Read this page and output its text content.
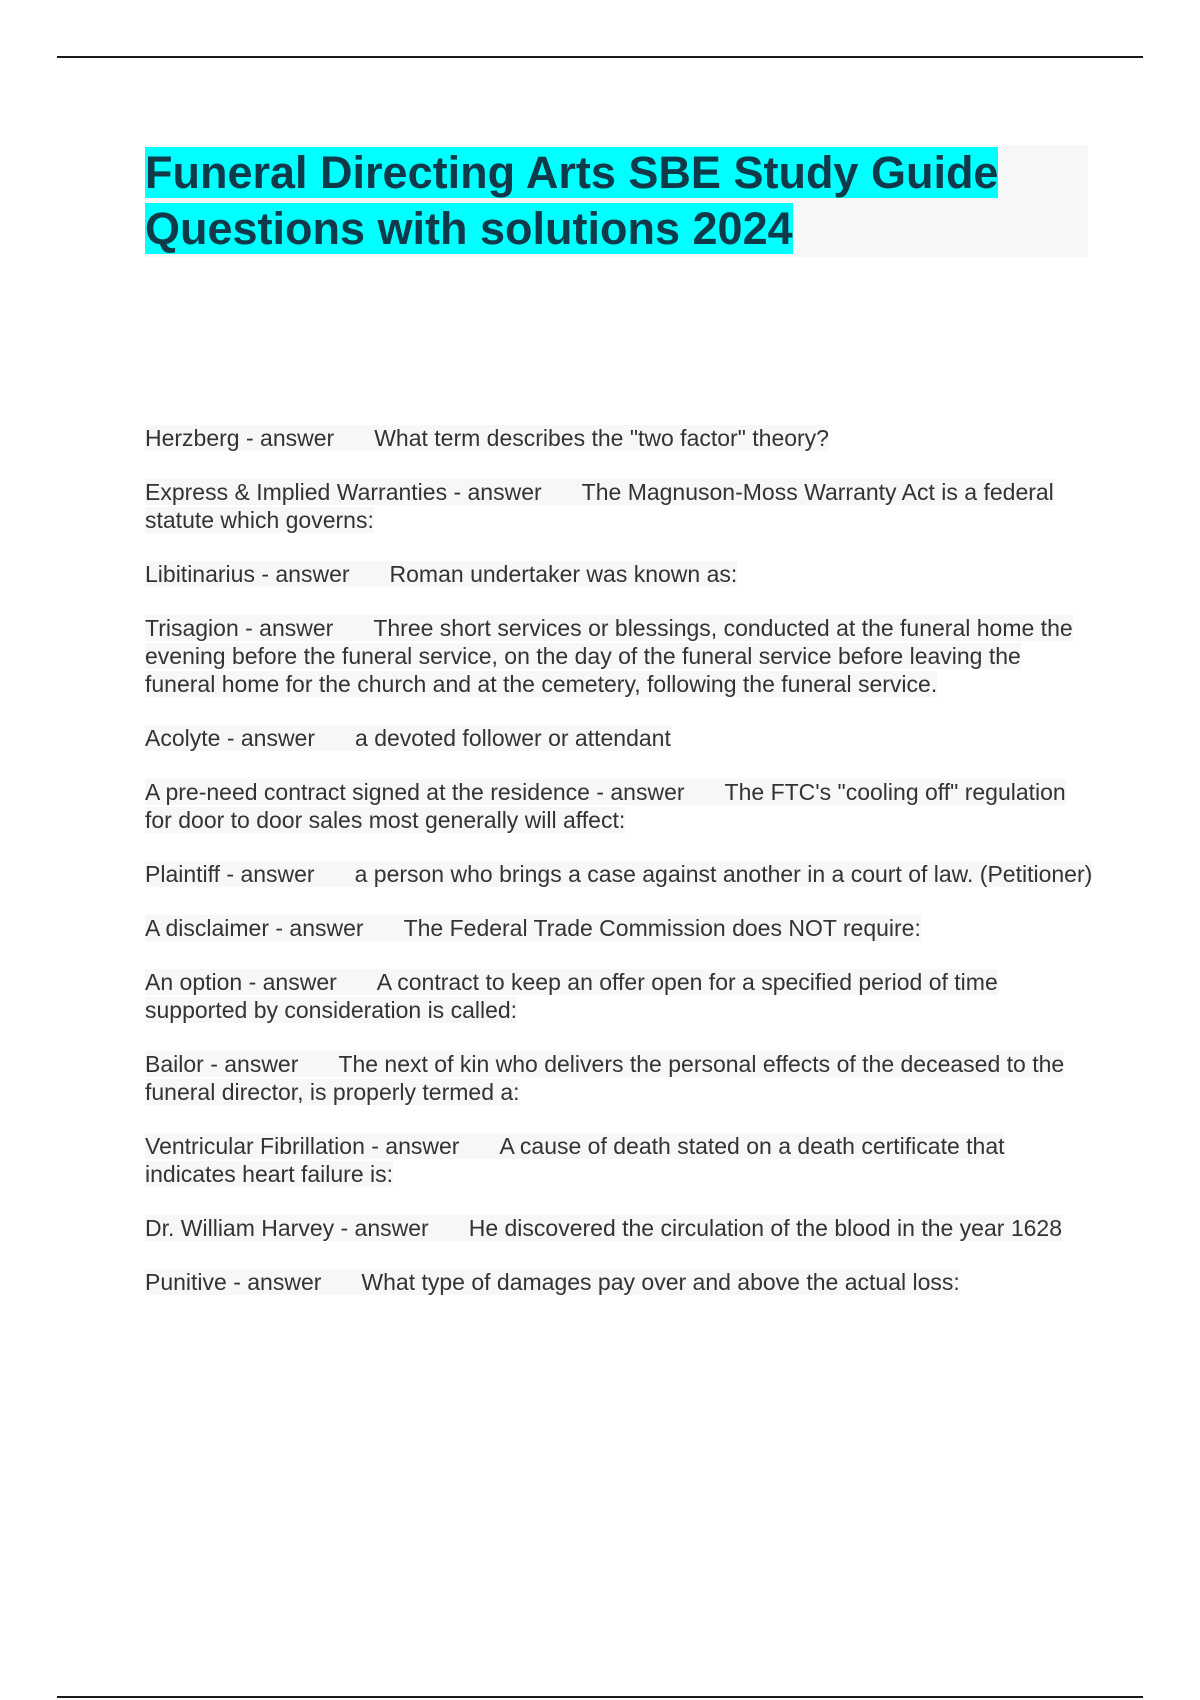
Funeral Directing Arts SBE Study Guide
Questions with solutions 2024

Herzberg - answer What term describes the "two factor" theory?

Express & Implied Warranties - answer The Magnuson-Moss Warranty Act is a federal statute which governs:

Libitinarius - answer Roman undertaker was known as:

Trisagion - answer Three short services or blessings, conducted at the funeral home the evening before the funeral service, on the day of the funeral service before leaving the funeral home for the church and at the cemetery, following the funeral service.

Acolyte - answer a devoted follower or attendant

A pre-need contract signed at the residence - answer The FTC's "cooling off" regulation for door to door sales most generally will affect:

Plaintiff - answer a person who brings a case against another in a court of law. (Petitioner)

A disclaimer - answer The Federal Trade Commission does NOT require:

An option - answer A contract to keep an offer open for a specified period of time supported by consideration is called:

Bailor - answer The next of kin who delivers the personal effects of the deceased to the funeral director, is properly termed a:

Ventricular Fibrillation - answer A cause of death stated on a death certificate that indicates heart failure is:

Dr. William Harvey - answer He discovered the circulation of the blood in the year 1628

Punitive - answer What type of damages pay over and above the actual loss:
